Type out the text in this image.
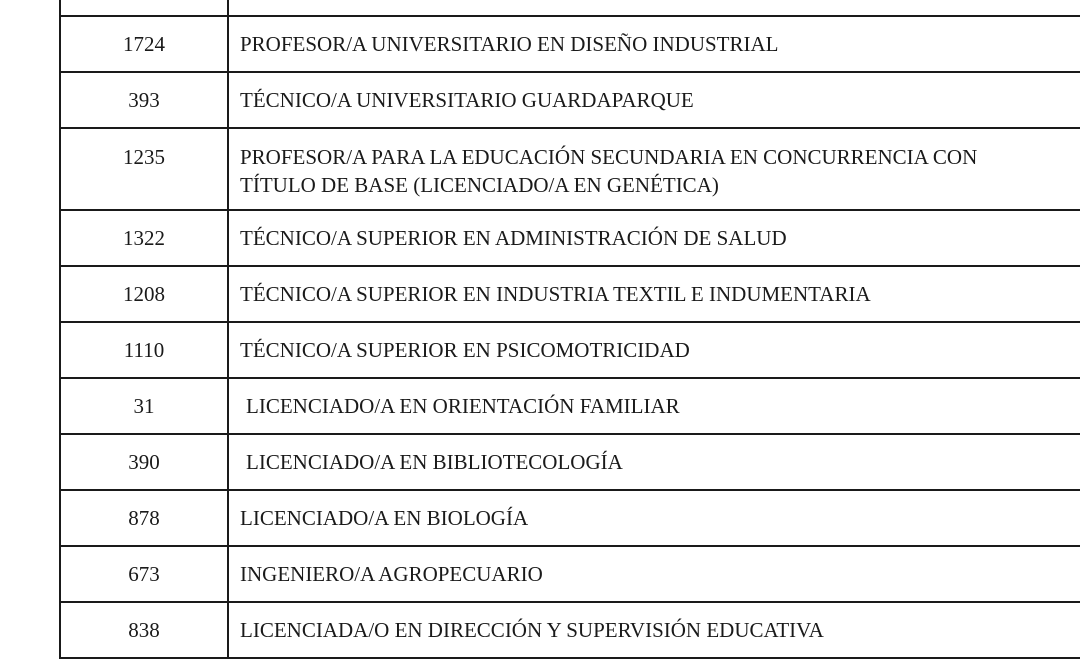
1724	PROFESOR/A UNIVERSITARIO EN DISEÑO INDUSTRIAL

393	TÉCNICO/A UNIVERSITARIO GUARDAPARQUE

1235	PROFESOR/A PARA LA EDUCACIÓN SECUNDARIA EN CONCURRENCIA CON
TÍTULO DE BASE (LICENCIADO/A EN GENÉTICA)

1322	TÉCNICO/A SUPERIOR EN ADMINISTRACIÓN DE SALUD

1208	TÉCNICO/A SUPERIOR EN INDUSTRIA TEXTIL E INDUMENTARIA

1110	TÉCNICO/A SUPERIOR EN PSICOMOTRICIDAD

31	LICENCIADO/A EN ORIENTACIÓN FAMILIAR

390	LICENCIADO/A EN BIBLIOTECOLOGÍA

878	LICENCIADO/A EN BIOLOGÍA

673	INGENIERO/A AGROPECUARIO

838	LICENCIADA/O EN DIRECCIÓN Y SUPERVISIÓN EDUCATIVA
